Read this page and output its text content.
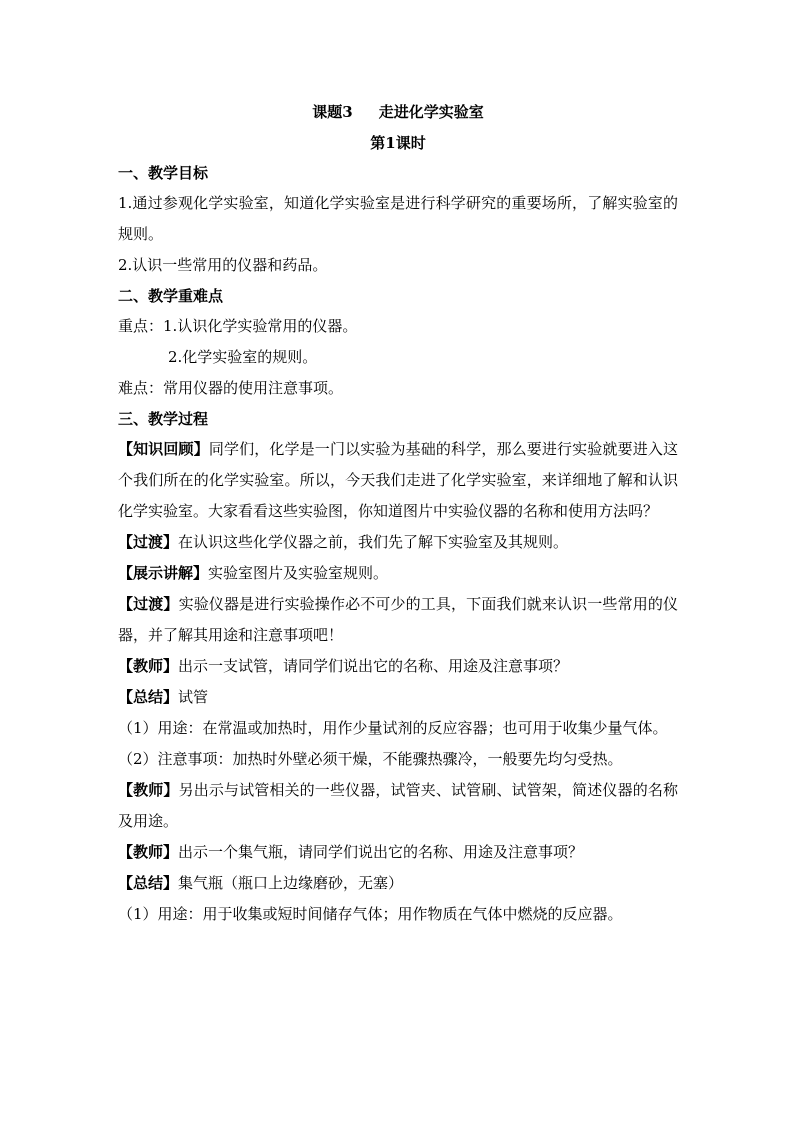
课题3 走进化学实验室
第1课时

一、教学目标

1.通过参观化学实验室，知道化学实验室是进行科学研究的重要场所，了解实验室的规则。

2.认识一些常用的仪器和药品。

二、教学重难点

重点：1.认识化学实验常用的仪器。

2.化学实验室的规则。

难点：常用仪器的使用注意事项。

三、教学过程

【知识回顾】同学们，化学是一门以实验为基础的科学，那么要进行实验就要进入这个我们所在的化学实验室。所以，今天我们走进了化学实验室，来详细地了解和认识化学实验室。大家看看这些实验图，你知道图片中实验仪器的名称和使用方法吗？

【过渡】在认识这些化学仪器之前，我们先了解下实验室及其规则。

【展示讲解】实验室图片及实验室规则。

【过渡】实验仪器是进行实验操作必不可少的工具，下面我们就来认识一些常用的仪器，并了解其用途和注意事项吧！

【教师】出示一支试管，请同学们说出它的名称、用途及注意事项？

【总结】试管

（1）用途：在常温或加热时，用作少量试剂的反应容器；也可用于收集少量气体。

（2）注意事项：加热时外壁必须干燥，不能骤热骤冷，一般要先均匀受热。

【教师】另出示与试管相关的一些仪器，试管夹、试管刷、试管架，简述仪器的名称及用途。

【教师】出示一个集气瓶，请同学们说出它的名称、用途及注意事项？

【总结】集气瓶（瓶口上边缘磨砂，无塞）

（1）用途：用于收集或短时间储存气体；用作物质在气体中燃烧的反应器。
